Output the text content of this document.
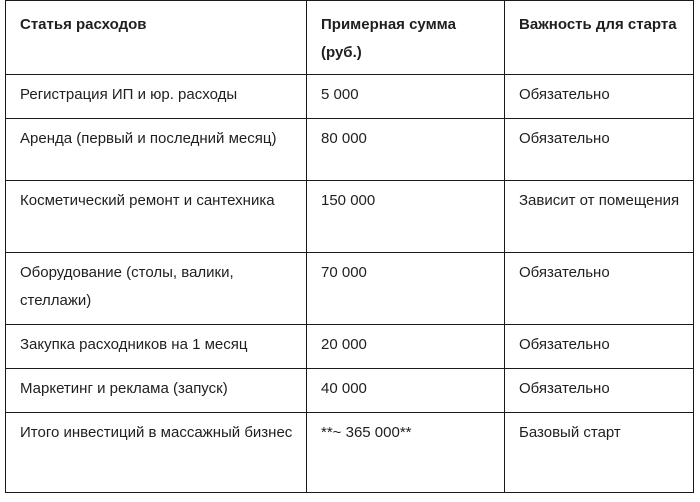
Статья расходов	Примерная сумма (руб.)	Важность для старта
Регистрация ИП и юр. расходы	5 000	Обязательно
Аренда (первый и последний месяц)	80 000	Обязательно
Косметический ремонт и сантехника	150 000	Зависит от помещения
Оборудование (столы, валики, стеллажи)	70 000	Обязательно
Закупка расходников на 1 месяц	20 000	Обязательно
Маркетинг и реклама (запуск)	40 000	Обязательно
Итого инвестиций в массажный бизнес	**~ 365 000**	Базовый старт
